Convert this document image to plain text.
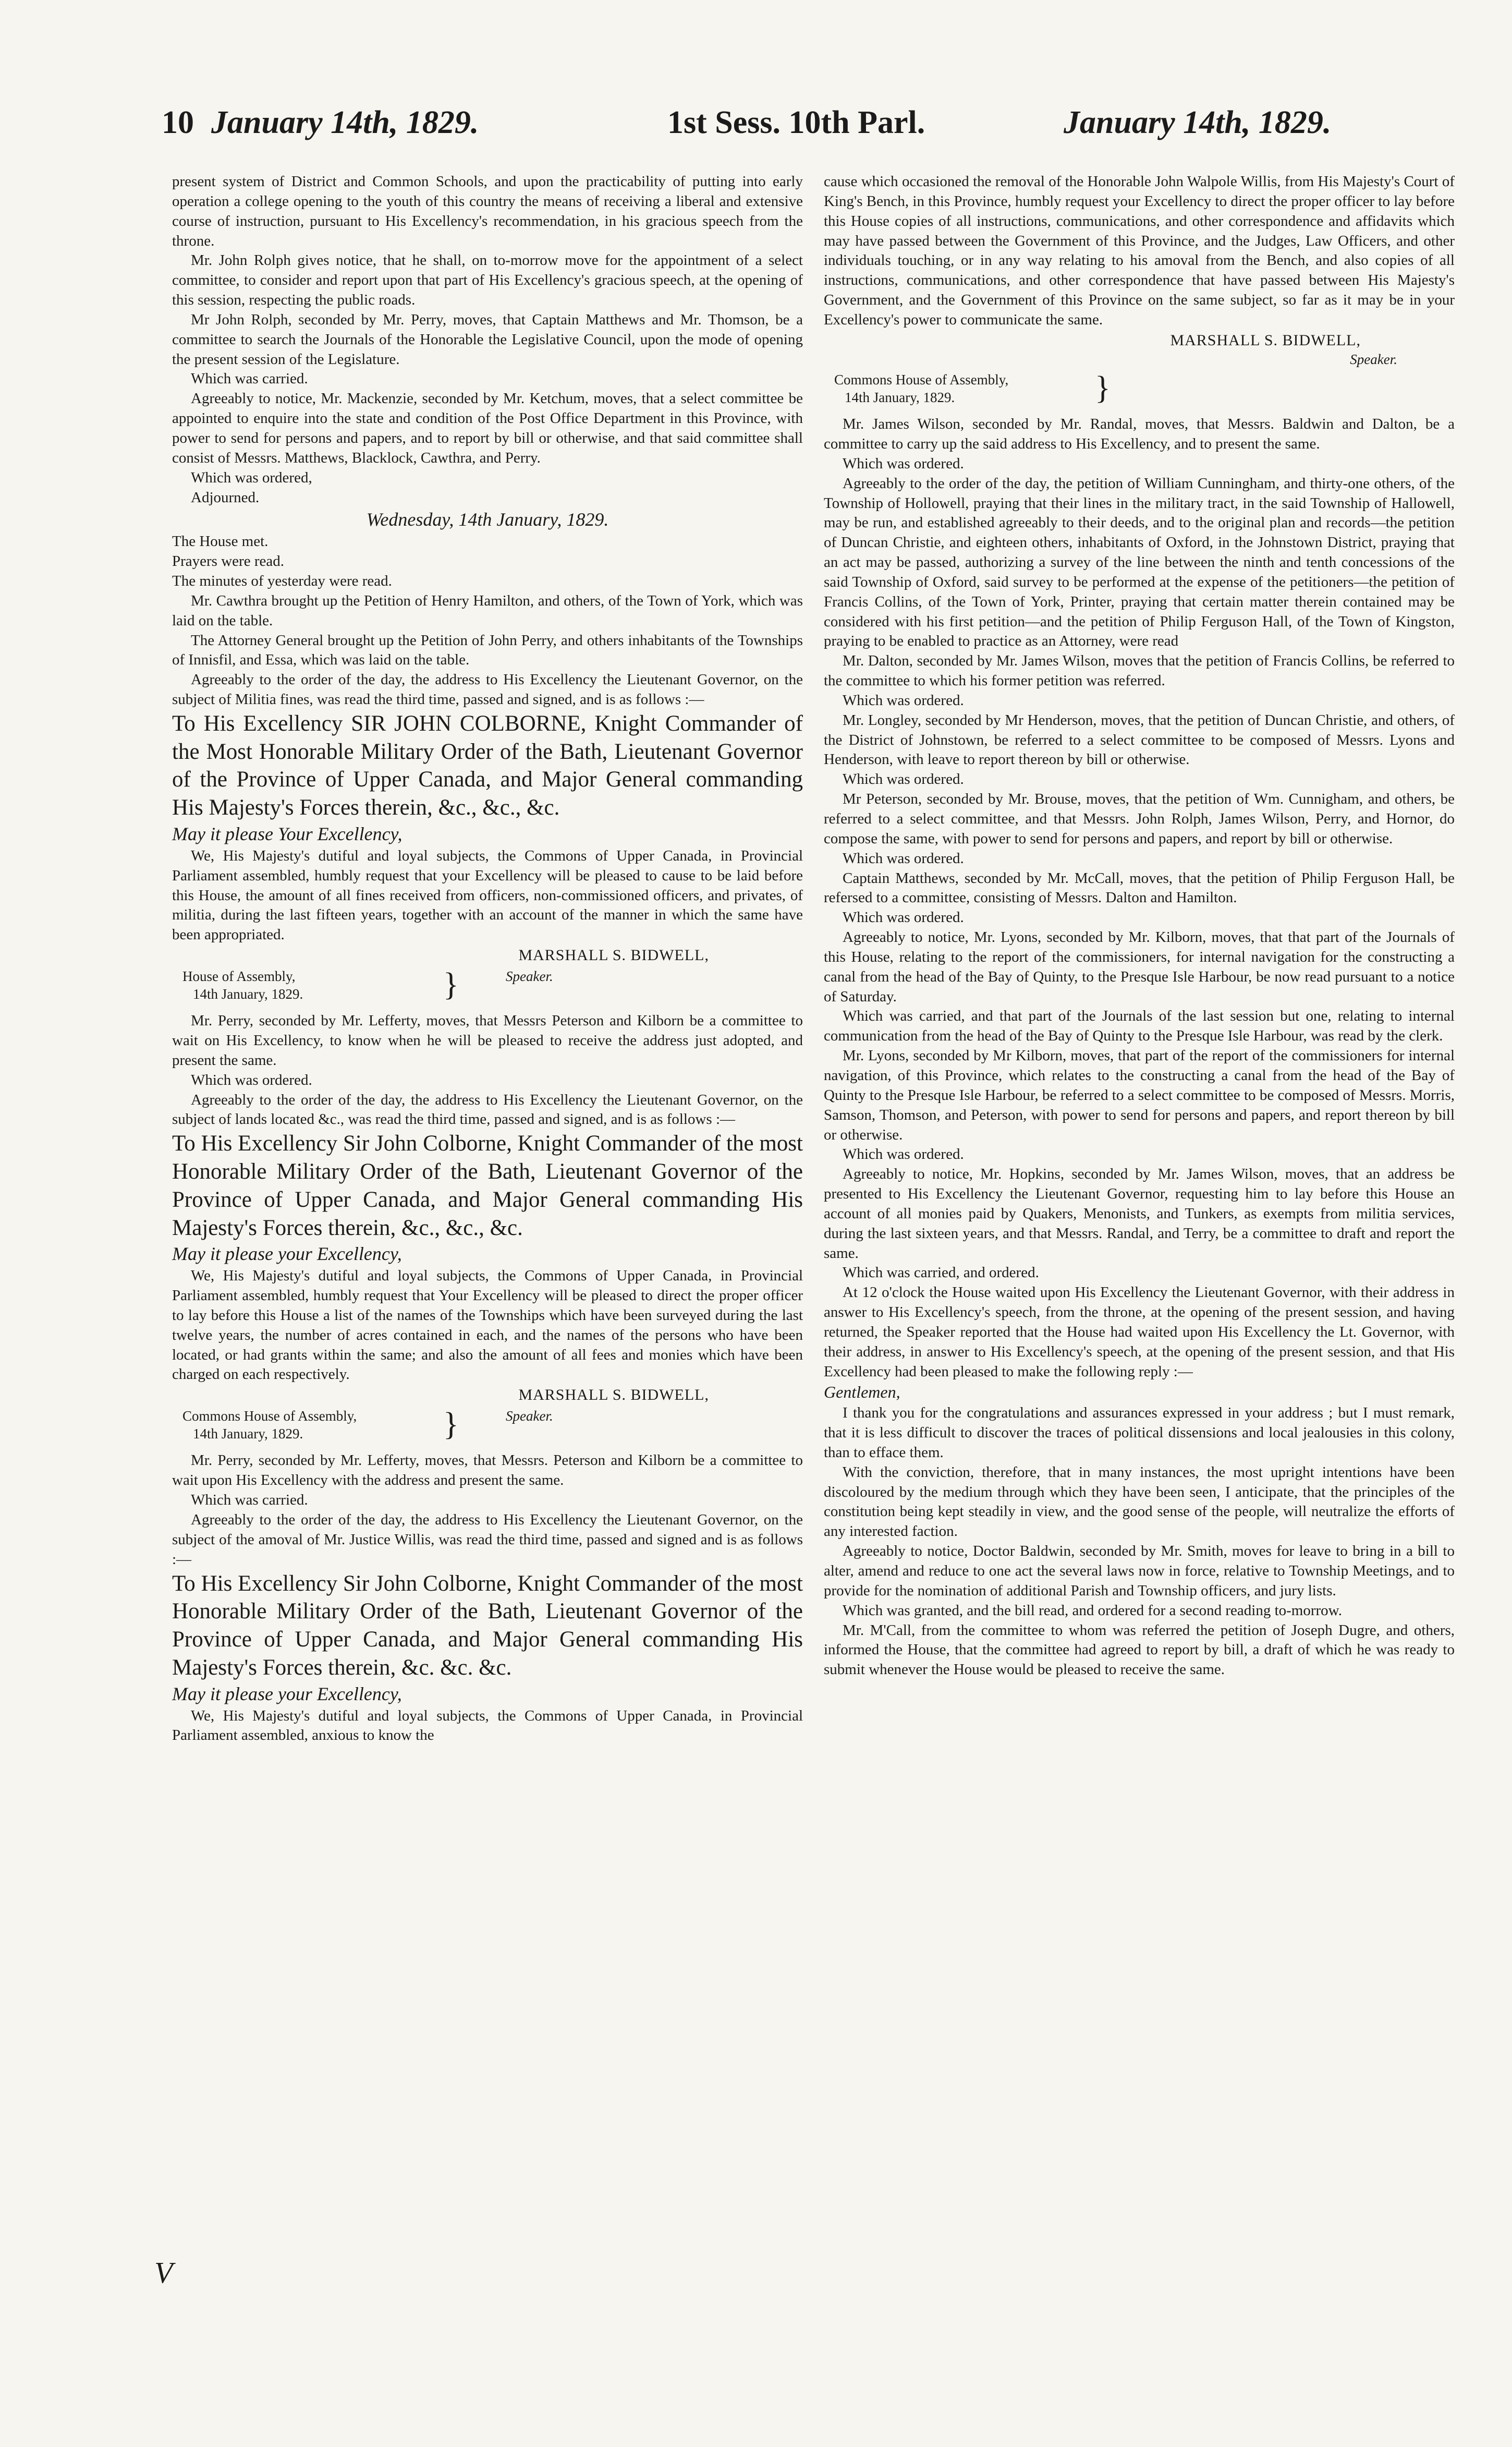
10 January 14th, 1829.	1st Sess. 10th Parl.	January 14th, 1829.
V

present system of District and Common Schools, and upon the practicability of putting into early operation a college opening to the youth of this country the means of receiving a liberal and extensive course of instruction, pursuant to His Excellency's recommendation, in his gracious speech from the throne.

Mr. John Rolph gives notice, that he shall, on to-morrow move for the appointment of a select committee, to consider and report upon that part of His Excellency's gracious speech, at the opening of this session, respecting the public roads.

Mr John Rolph, seconded by Mr. Perry, moves, that Captain Matthews and Mr. Thomson, be a committee to search the Journals of the Honorable the Legislative Council, upon the mode of opening the present session of the Legislature.

Which was carried.

Agreeably to notice, Mr. Mackenzie, seconded by Mr. Ketchum, moves, that a select committee be appointed to enquire into the state and condition of the Post Office Department in this Province, with power to send for persons and papers, and to report by bill or otherwise, and that said committee shall consist of Messrs. Matthews, Blacklock, Cawthra, and Perry.

Which was ordered,

Adjourned.

Wednesday, 14th January, 1829.

The House met.

Prayers were read.

The minutes of yesterday were read.

Mr. Cawthra brought up the Petition of Henry Hamilton, and others, of the Town of York, which was laid on the table.

The Attorney General brought up the Petition of John Perry, and others inhabitants of the Townships of Innisfil, and Essa, which was laid on the table.

Agreeably to the order of the day, the address to His Excellency the Lieutenant Governor, on the subject of Militia fines, was read the third time, passed and signed, and is as follows :—

To His Excellency SIR JOHN COLBORNE, Knight Commander of the Most Honorable Military Order of the Bath, Lieutenant Governor of the Province of Upper Canada, and Major General commanding His Majesty's Forces therein, &c., &c., &c.

May it please Your Excellency,

We, His Majesty's dutiful and loyal subjects, the Commons of Upper Canada, in Provincial Parliament assembled, humbly request that your Excellency will be pleased to cause to be laid before this House, the amount of all fines received from officers, non-commissioned officers, and privates, of militia, during the last fifteen years, together with an account of the manner in which the same have been appropriated.

MARSHALL S. BIDWELL,

House of Assembly,
14th January, 1829.	}	Speaker.

Mr. Perry, seconded by Mr. Lefferty, moves, that Messrs Peterson and Kilborn be a committee to wait on His Excellency, to know when he will be pleased to receive the address just adopted, and present the same.

Which was ordered.

Agreeably to the order of the day, the address to His Excellency the Lieutenant Governor, on the subject of lands located &c., was read the third time, passed and signed, and is as follows :—

To His Excellency Sir John Colborne, Knight Commander of the most Honorable Military Order of the Bath, Lieutenant Governor of the Province of Upper Canada, and Major General commanding His Majesty's Forces therein, &c., &c., &c.

May it please your Excellency,

We, His Majesty's dutiful and loyal subjects, the Commons of Upper Canada, in Provincial Parliament assembled, humbly request that Your Excellency will be pleased to direct the proper officer to lay before this House a list of the names of the Townships which have been surveyed during the last twelve years, the number of acres contained in each, and the names of the persons who have been located, or had grants within the same; and also the amount of all fees and monies which have been charged on each respectively.

MARSHALL S. BIDWELL,

Commons House of Assembly,
14th January, 1829.	}	Speaker.

Mr. Perry, seconded by Mr. Lefferty, moves, that Messrs. Peterson and Kilborn be a committee to wait upon His Excellency with the address and present the same.

Which was carried.

Agreeably to the order of the day, the address to His Excellency the Lieutenant Governor, on the subject of the amoval of Mr. Justice Willis, was read the third time, passed and signed and is as follows :—

To His Excellency Sir John Colborne, Knight Commander of the most Honorable Military Order of the Bath, Lieutenant Governor of the Province of Upper Canada, and Major General commanding His Majesty's Forces therein, &c. &c. &c.

May it please your Excellency,

We, His Majesty's dutiful and loyal subjects, the Commons of Upper Canada, in Provincial Parliament assembled, anxious to know the

cause which occasioned the removal of the Honorable John Walpole Willis, from His Majesty's Court of King's Bench, in this Province, humbly request your Excellency to direct the proper officer to lay before this House copies of all instructions, communications, and other correspondence and affidavits which may have passed between the Government of this Province, and the Judges, Law Officers, and other individuals touching, or in any way relating to his amoval from the Bench, and also copies of all instructions, communications, and other correspondence that have passed between His Majesty's Government, and the Government of this Province on the same subject, so far as it may be in your Excellency's power to communicate the same.

MARSHALL S. BIDWELL,

Speaker.

Commons House of Assembly,
14th January, 1829.	}

Mr. James Wilson, seconded by Mr. Randal, moves, that Messrs. Baldwin and Dalton, be a committee to carry up the said address to His Excellency, and to present the same.

Which was ordered.

Agreeably to the order of the day, the petition of William Cunningham, and thirty-one others, of the Township of Hollowell, praying that their lines in the military tract, in the said Township of Hallowell, may be run, and established agreeably to their deeds, and to the original plan and records—the petition of Duncan Christie, and eighteen others, inhabitants of Oxford, in the Johnstown District, praying that an act may be passed, authorizing a survey of the line between the ninth and tenth concessions of the said Township of Oxford, said survey to be performed at the expense of the petitioners—the petition of Francis Collins, of the Town of York, Printer, praying that certain matter therein contained may be considered with his first petition—and the petition of Philip Ferguson Hall, of the Town of Kingston, praying to be enabled to practice as an Attorney, were read

Mr. Dalton, seconded by Mr. James Wilson, moves that the petition of Francis Collins, be referred to the committee to which his former petition was referred.

Which was ordered.

Mr. Longley, seconded by Mr Henderson, moves, that the petition of Duncan Christie, and others, of the District of Johnstown, be referred to a select committee to be composed of Messrs. Lyons and Henderson, with leave to report thereon by bill or otherwise.

Which was ordered.

Mr Peterson, seconded by Mr. Brouse, moves, that the petition of Wm. Cunnigham, and others, be referred to a select committee, and that Messrs. John Rolph, James Wilson, Perry, and Hornor, do compose the same, with power to send for persons and papers, and report by bill or otherwise.

Which was ordered.

Captain Matthews, seconded by Mr. McCall, moves, that the petition of Philip Ferguson Hall, be refersed to a committee, consisting of Messrs. Dalton and Hamilton.

Which was ordered.

Agreeably to notice, Mr. Lyons, seconded by Mr. Kilborn, moves, that that part of the Journals of this House, relating to the report of the commissioners, for internal navigation for the constructing a canal from the head of the Bay of Quinty, to the Presque Isle Harbour, be now read pursuant to a notice of Saturday.

Which was carried, and that part of the Journals of the last session but one, relating to internal communication from the head of the Bay of Quinty to the Presque Isle Harbour, was read by the clerk.

Mr. Lyons, seconded by Mr Kilborn, moves, that part of the report of the commissioners for internal navigation, of this Province, which relates to the constructing a canal from the head of the Bay of Quinty to the Presque Isle Harbour, be referred to a select committee to be composed of Messrs. Morris, Samson, Thomson, and Peterson, with power to send for persons and papers, and report thereon by bill or otherwise.

Which was ordered.

Agreeably to notice, Mr. Hopkins, seconded by Mr. James Wilson, moves, that an address be presented to His Excellency the Lieutenant Governor, requesting him to lay before this House an account of all monies paid by Quakers, Menonists, and Tunkers, as exempts from militia services, during the last sixteen years, and that Messrs. Randal, and Terry, be a committee to draft and report the same.

Which was carried, and ordered.

At 12 o'clock the House waited upon His Excellency the Lieutenant Governor, with their address in answer to His Excellency's speech, from the throne, at the opening of the present session, and having returned, the Speaker reported that the House had waited upon His Excellency the Lt. Governor, with their address, in answer to His Excellency's speech, at the opening of the present session, and that His Excellency had been pleased to make the following reply :—

Gentlemen,

I thank you for the congratulations and assurances expressed in your address ; but I must remark, that it is less difficult to discover the traces of political dissensions and local jealousies in this colony, than to efface them.

With the conviction, therefore, that in many instances, the most upright intentions have been discoloured by the medium through which they have been seen, I anticipate, that the principles of the constitution being kept steadily in view, and the good sense of the people, will neutralize the efforts of any interested faction.

Agreeably to notice, Doctor Baldwin, seconded by Mr. Smith, moves for leave to bring in a bill to alter, amend and reduce to one act the several laws now in force, relative to Township Meetings, and to provide for the nomination of additional Parish and Township officers, and jury lists.

Which was granted, and the bill read, and ordered for a second reading to-morrow.

Mr. M'Call, from the committee to whom was referred the petition of Joseph Dugre, and others, informed the House, that the committee had agreed to report by bill, a draft of which he was ready to submit whenever the House would be pleased to receive the same.
